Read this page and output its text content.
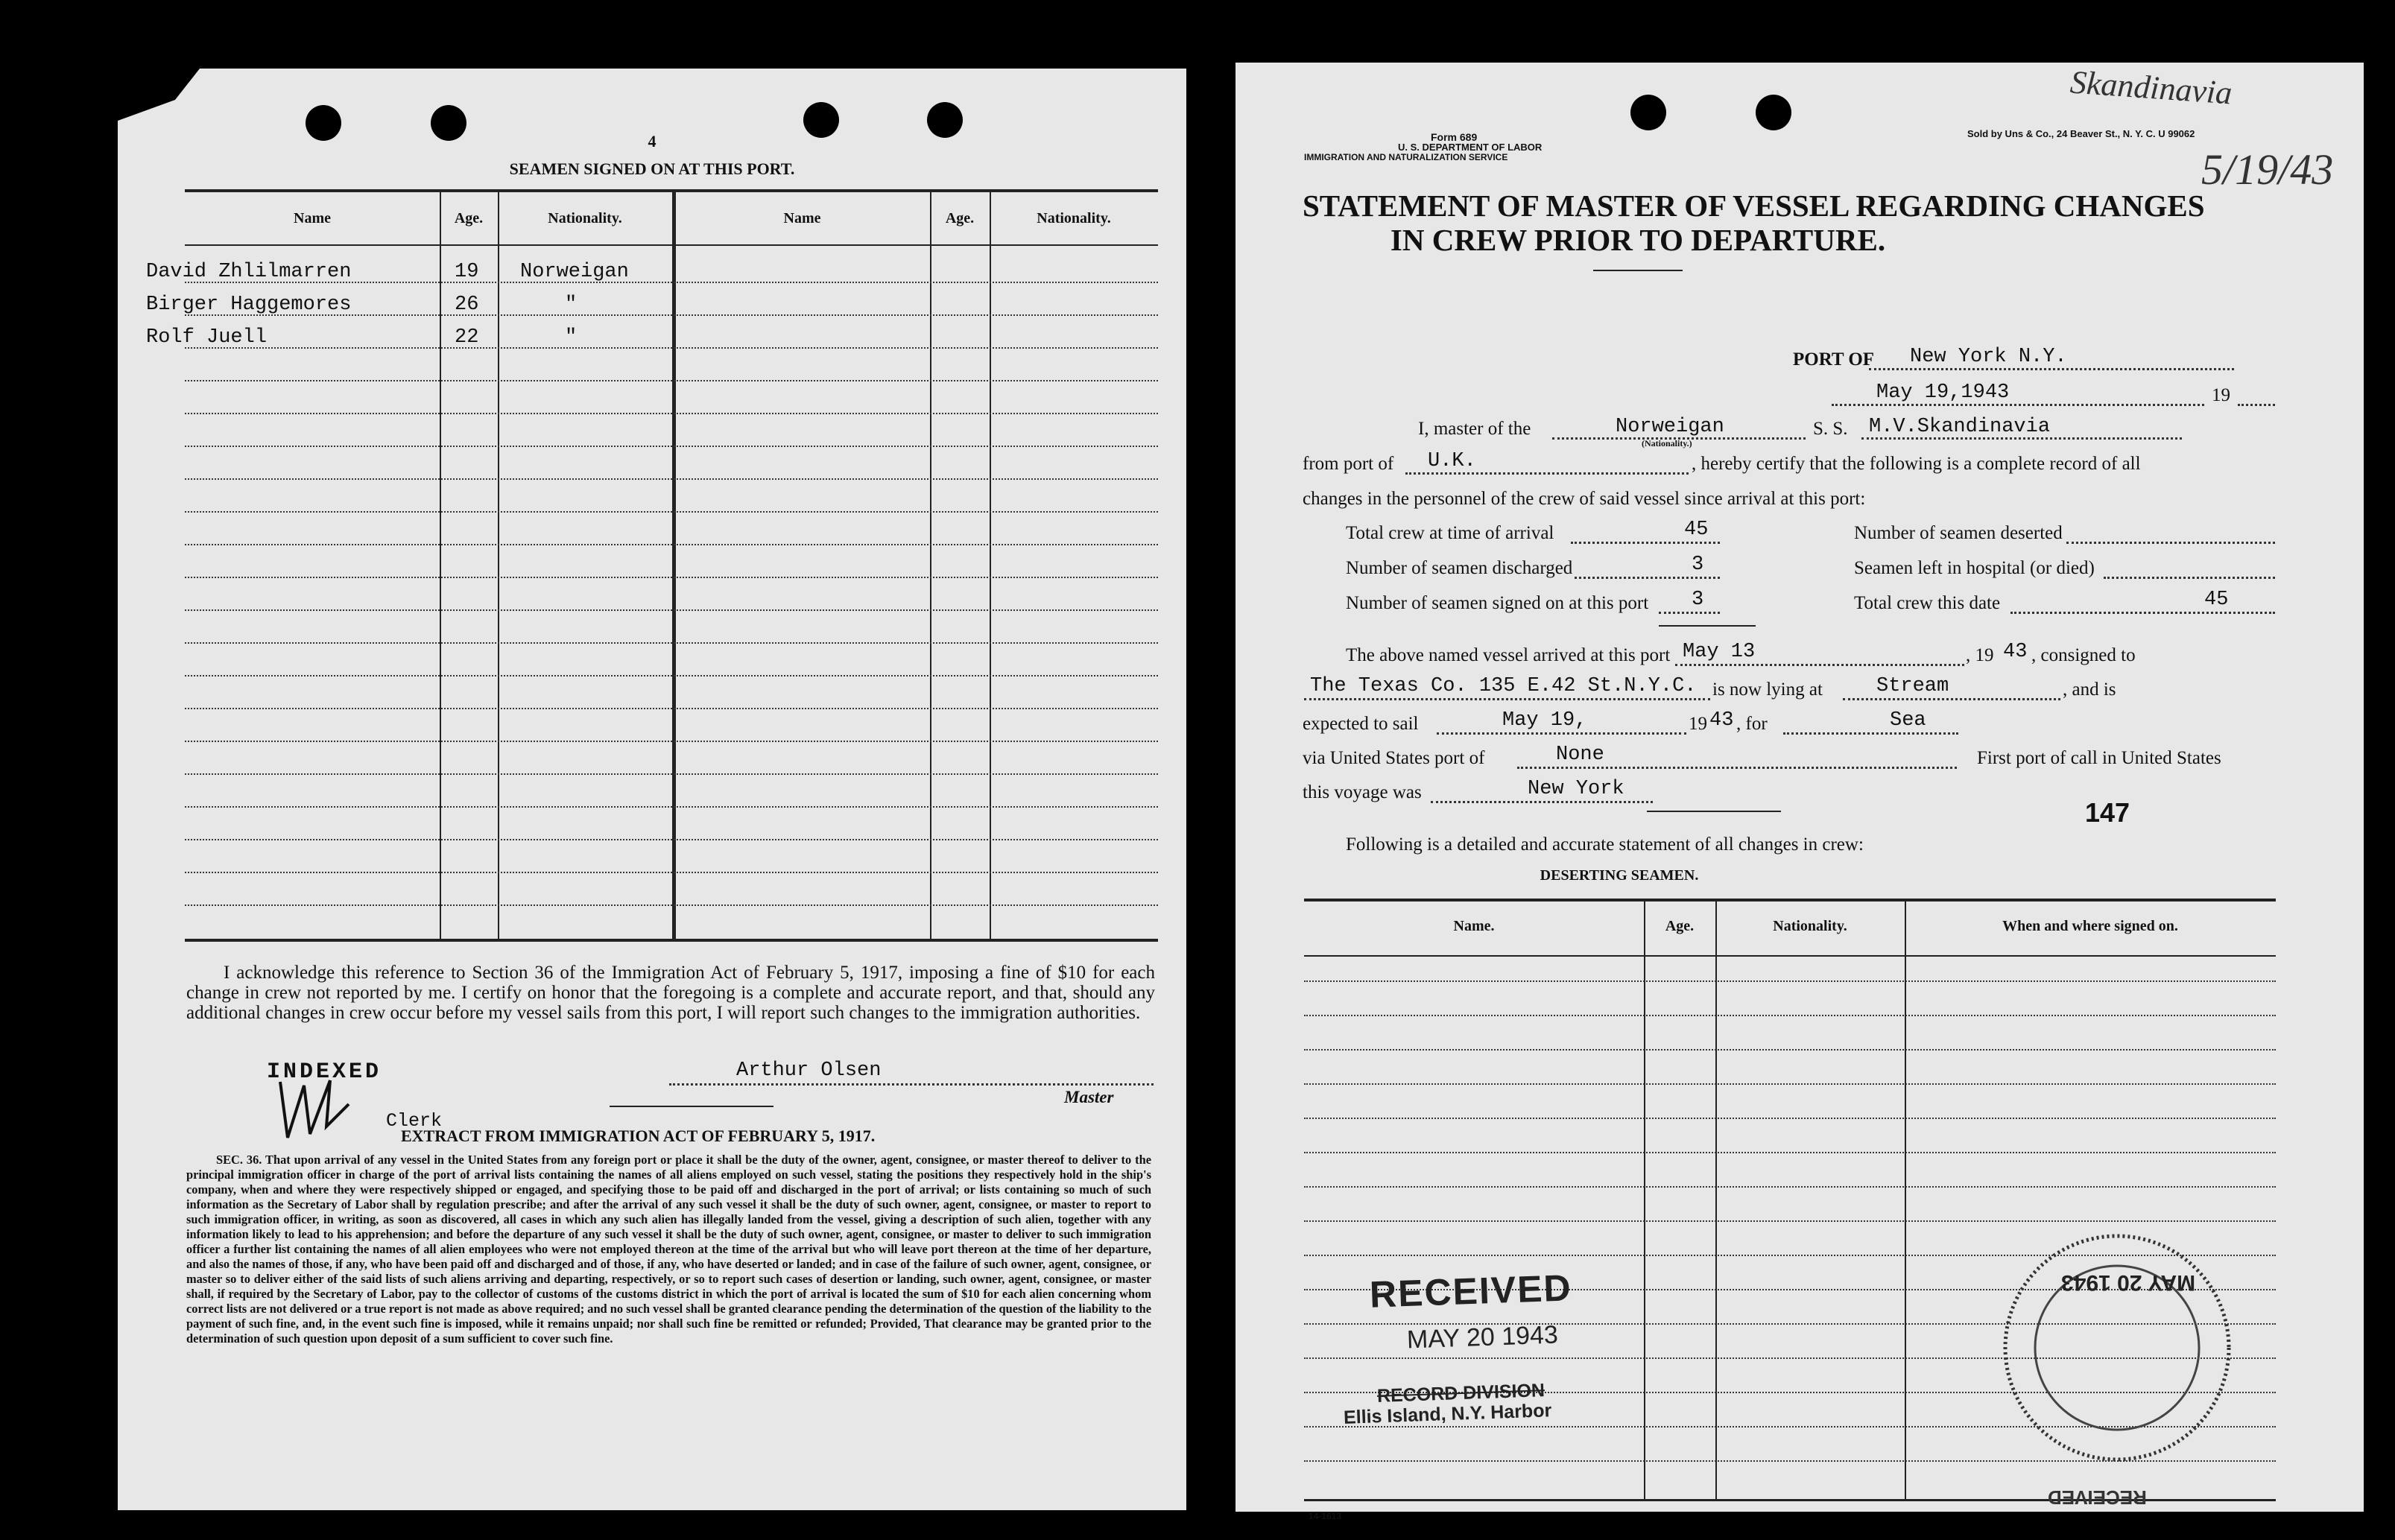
4
SEAMEN SIGNED ON AT THIS PORT.
Name	Age.	Nationality.	Name	Age.	Nationality.
David Zhlilmarren	19 Norweigan
Birger Haggemores	26	"
Rolf Juell	22	"
I acknowledge this reference to Section 36 of the Immigration Act of February 5, 1917, imposing a fine of $10 for each change in crew not reported by me. I certify on honor that the foregoing is a complete and accurate report, and that, should any additional changes in crew occur before my vessel sails from this port, I will report such changes to the immigration authorities.
INDEXED
Clerk
Arthur Olsen
Master
EXTRACT FROM IMMIGRATION ACT OF FEBRUARY 5, 1917.
SEC. 36. That upon arrival of any vessel in the United States from any foreign port or place it shall be the duty of the owner, agent, consignee, or master thereof to deliver to the principal immigration officer in charge of the port of arrival lists containing the names of all aliens employed on such vessel, stating the positions they respectively hold in the ship's company, when and where they were respectively shipped or engaged, and specifying those to be paid off and discharged in the port of arrival; or lists containing so much of such information as the Secretary of Labor shall by regulation prescribe; and after the arrival of any such vessel it shall be the duty of such owner, agent, consignee, or master to report to such immigration officer, in writing, as soon as discovered, all cases in which any such alien has illegally landed from the vessel, giving a description of such alien, together with any information likely to lead to his apprehension; and before the departure of any such vessel it shall be the duty of such owner, agent, consignee, or master to deliver to such immigration officer a further list containing the names of all alien employees who were not employed thereon at the time of the arrival but who will leave port thereon at the time of her departure, and also the names of those, if any, who have been paid off and discharged and of those, if any, who have deserted or landed; and in case of the failure of such owner, agent, consignee, or master so to deliver either of the said lists of such aliens arriving and departing, respectively, or so to report such cases of desertion or landing, such owner, agent, consignee, or master shall, if required by the Secretary of Labor, pay to the collector of customs of the customs district in which the port of arrival is located the sum of $10 for each alien concerning whom correct lists are not delivered or a true report is not made as above required; and no such vessel shall be granted clearance pending the determination of the question of the liability to the payment of such fine, and, in the event such fine is imposed, while it remains unpaid; nor shall such fine be remitted or refunded; Provided, That clearance may be granted prior to the determination of such question upon deposit of a sum sufficient to cover such fine.
Form 689
U. S. DEPARTMENT OF LABOR
IMMIGRATION AND NATURALIZATION SERVICE
Sold by Uns & Co., 24 Beaver St., N. Y. C. U 99062
Skandinavia
5/19/43
STATEMENT OF MASTER OF VESSEL REGARDING CHANGES
IN CREW PRIOR TO DEPARTURE.
PORT OF New York N.Y.
May 19,1943	19
I, master of the	Norweigan
(Nationality.)
S. S. M.V.Skandinavia
from port of U.K.	, hereby certify that the following is a complete record of all
changes in the personnel of the crew of said vessel since arrival at this port:
Total crew at time of arrival	45	Number of seamen deserted
Number of seamen discharged	3	Seamen left in hospital (or died)
Number of seamen signed on at this port 3	Total crew this date	45
The above named vessel arrived at this port May 13	, 19 43 , consigned to
The Texas Co. 135 E.42 St.N.Y.C. is now lying at	Stream	, and is
expected to sail	May 19,	19 43 , for	Sea
via United States port of	None	First port of call in United States
this voyage was	New York
147
Following is a detailed and accurate statement of all changes in crew:
DESERTING SEAMEN.
Name.	Age.	Nationality.	When and where signed on.
RECEIVED
MAY 20 1943
RECORD DIVISION
Ellis Island, N.Y. Harbor
MAY 20 1943
RECEIVED
14-1613
